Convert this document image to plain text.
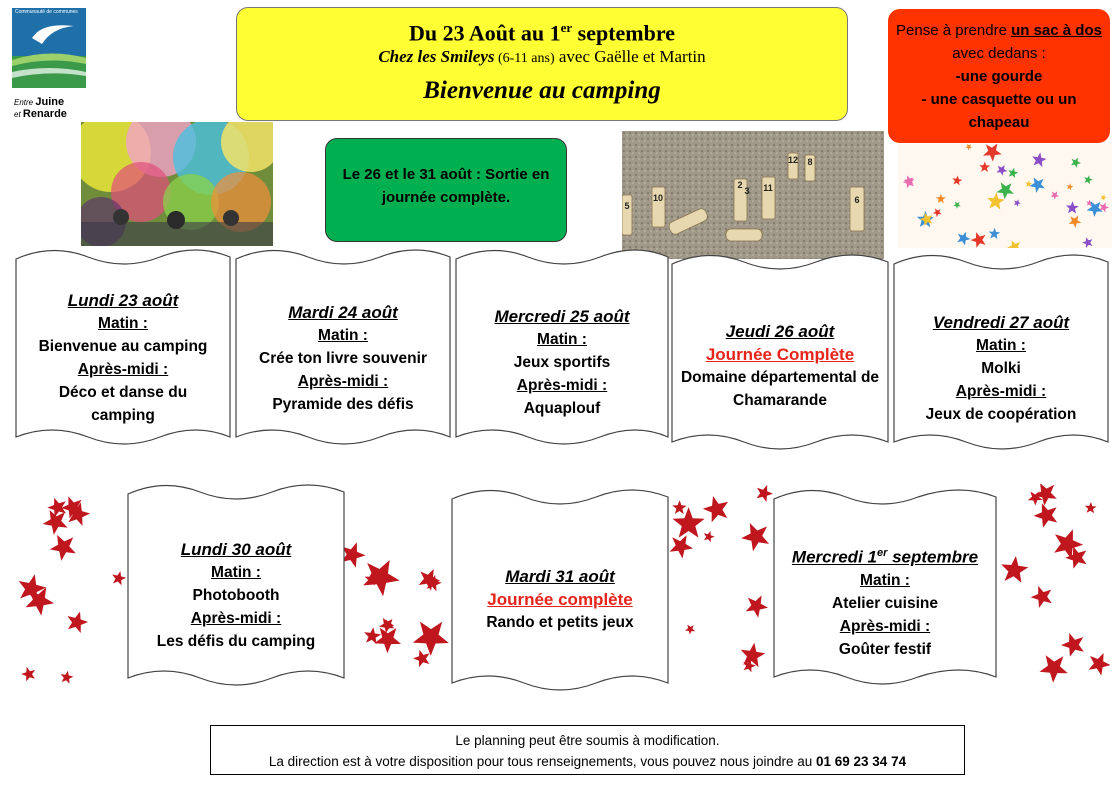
Communauté de communes
Entre Juine
et Renarde
Du 23 Août au 1er septembre
Chez les Smileys (6-11 ans) avec Gaëlle et Martin
Bienvenue au camping
Pense à prendre un sac à dos avec dedans :
-une gourde
- une casquette ou un chapeau
Le 26 et le 31 août : Sortie en journée complète.
12 8
2
3 11
10	6
5
Lundi 23 août
Matin :
Bienvenue au camping
Après-midi :
Déco et danse du camping
Mardi 24 août
Matin :
Crée ton livre souvenir
Après-midi :
Pyramide des défis
Mercredi 25 août
Matin :
Jeux sportifs
Après-midi :
Aquaplouf
Jeudi 26 août
Journée Complète
Domaine départemental de Chamarande
Vendredi 27 août
Matin :
Molki
Après-midi :
Jeux de coopération
Lundi 30 août
Matin :
Photobooth
Après-midi :
Les défis du camping
Mardi 31 août
Journée complète
Rando et petits jeux
Mercredi 1er septembre
Matin :
Atelier cuisine
Après-midi :
Goûter festif
Le planning peut être soumis à modification.
La direction est à votre disposition pour tous renseignements, vous pouvez nous joindre au 01 69 23 34 74
